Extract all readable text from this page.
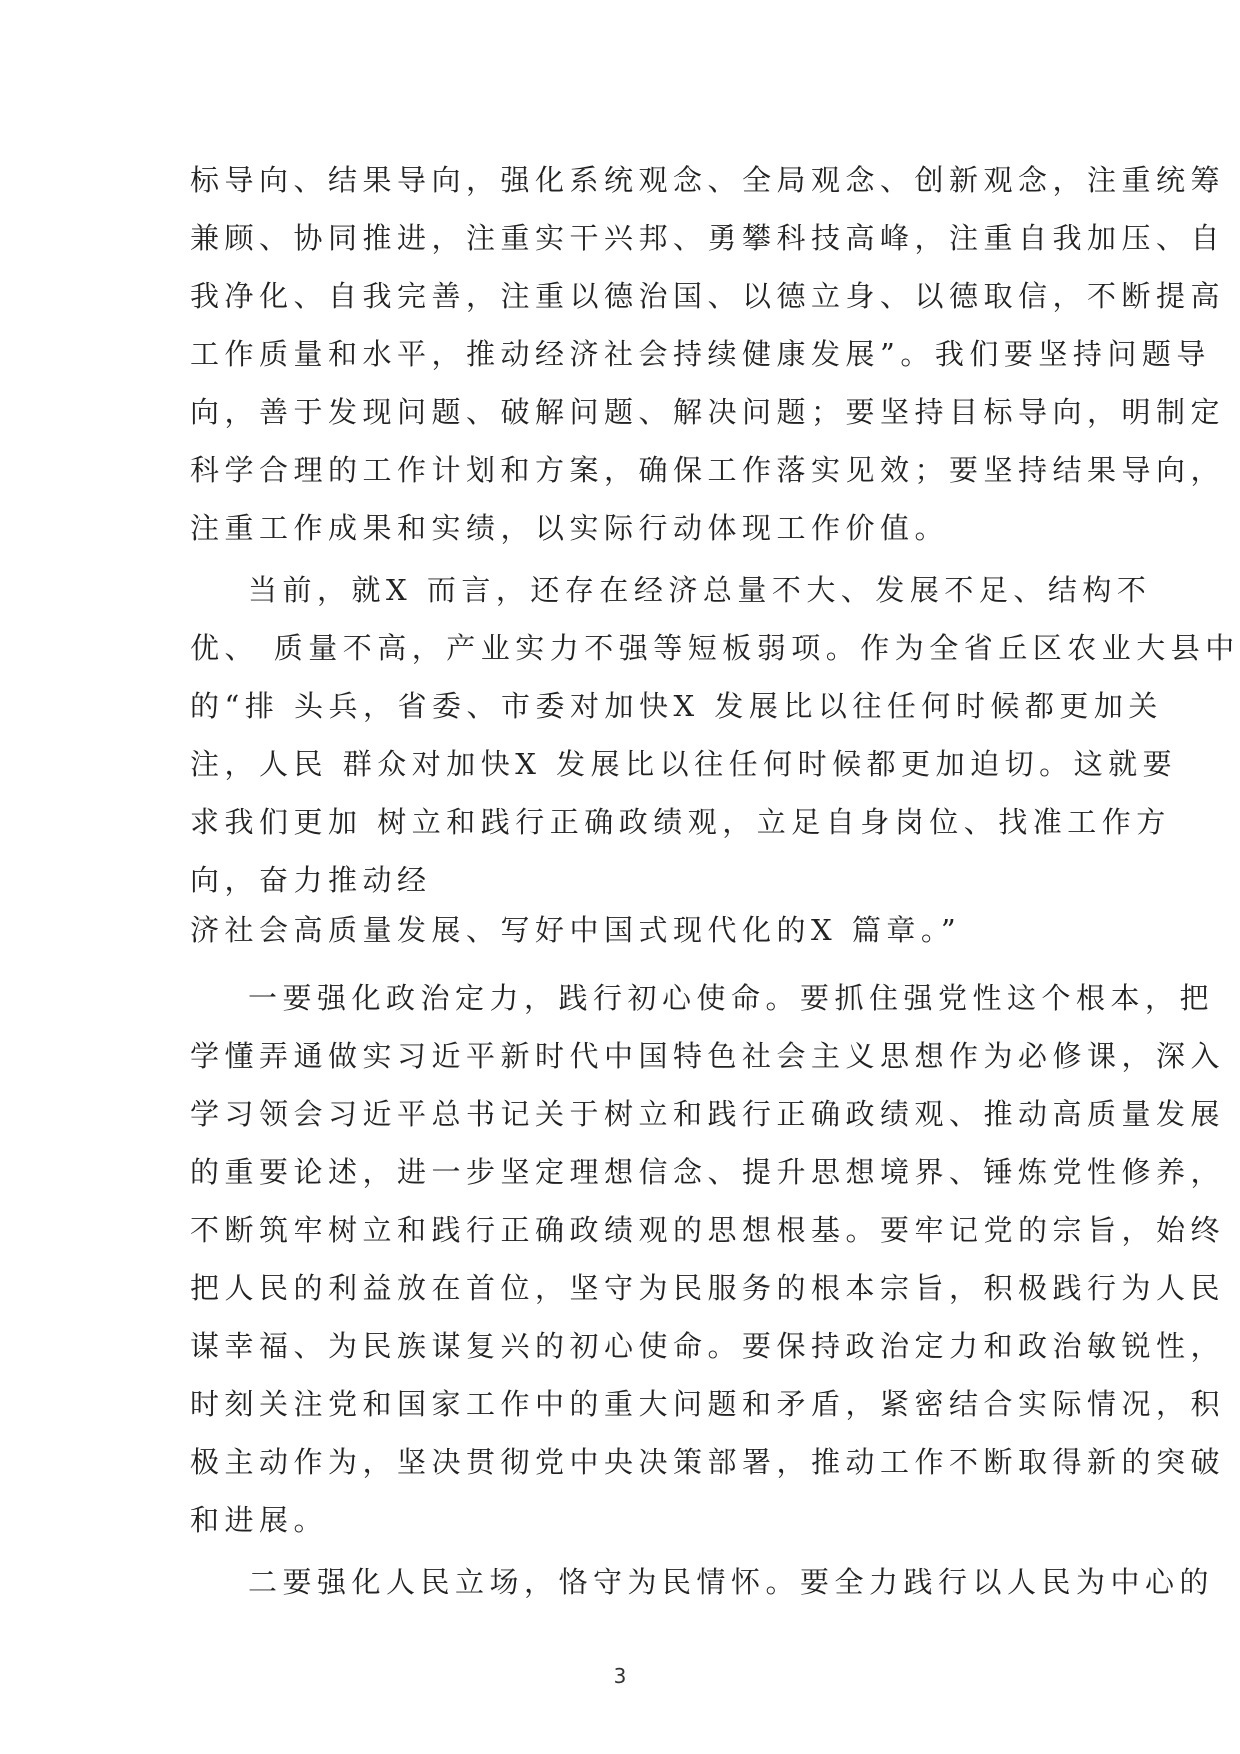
标导向、结果导向，强化系统观念、全局观念、创新观念，注重统筹
兼顾、协同推进，注重实干兴邦、勇攀科技高峰，注重自我加压、自
我净化、自我完善，注重以德治国、以德立身、以德取信，不断提高
工作质量和水平，推动经济社会持续健康发展”。我们要坚持问题导
向，善于发现问题、破解问题、解决问题；要坚持目标导向，明制定
科学合理的工作计划和方案，确保工作落实见效；要坚持结果导向，
注重工作成果和实绩，以实际行动体现工作价值。
当前，就X 而言，还存在经济总量不大、发展不足、结构不
优、 质量不高，产业实力不强等短板弱项。作为全省丘区农业大县中
的“排 头兵，省委、市委对加快X 发展比以往任何时候都更加关
注，人民 群众对加快X 发展比以往任何时候都更加迫切。这就要
求我们更加 树立和践行正确政绩观，立足自身岗位、找准工作方
向，奋力推动经
济社会高质量发展、写好中国式现代化的X 篇章。”
一要强化政治定力，践行初心使命。要抓住强党性这个根本，把
学懂弄通做实习近平新时代中国特色社会主义思想作为必修课，深入
学习领会习近平总书记关于树立和践行正确政绩观、推动高质量发展
的重要论述，进一步坚定理想信念、提升思想境界、锤炼党性修养，
不断筑牢树立和践行正确政绩观的思想根基。要牢记党的宗旨，始终
把人民的利益放在首位，坚守为民服务的根本宗旨，积极践行为人民
谋幸福、为民族谋复兴的初心使命。要保持政治定力和政治敏锐性，
时刻关注党和国家工作中的重大问题和矛盾，紧密结合实际情况，积
极主动作为，坚决贯彻党中央决策部署，推动工作不断取得新的突破
和进展。
二要强化人民立场，恪守为民情怀。要全力践行以人民为中心的
3
